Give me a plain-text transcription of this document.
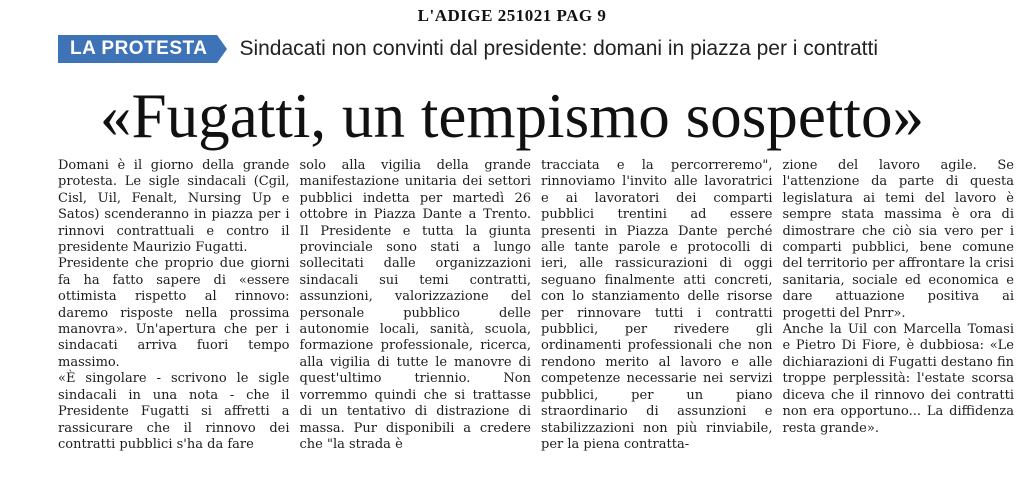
L'ADIGE 251021 PAG 9
LA PROTESTA	Sindacati non convinti dal presidente: domani in piazza per i contratti
«Fugatti, un tempismo sospetto»

Domani è il giorno della grande protesta. Le sigle sindacali (Cgil, Cisl, Uil, Fenalt, Nursing Up e Satos) scenderanno in piazza per i rinnovi contrattuali e contro il presidente Maurizio Fugatti.

Presidente che proprio due giorni fa ha fatto sapere di «essere ottimista rispetto al rinnovo: daremo risposte nella prossima manovra». Un'apertura che per i sindacati arriva fuori tempo massimo.

«È singolare - scrivono le sigle sindacali in una nota - che il Presidente Fugatti si affretti a rassicurare che il rinnovo dei contratti pubblici s'ha da fare

solo alla vigilia della grande manifestazione unitaria dei settori pubblici indetta per martedì 26 ottobre in Piazza Dante a Trento. Il Presidente e tutta la giunta provinciale sono stati a lungo sollecitati dalle organizzazioni sindacali sui temi contratti, assunzioni, valorizzazione del personale pubblico delle autonomie locali, sanità, scuola, formazione professionale, ricerca, alla vigilia di tutte le manovre di quest'ultimo triennio. Non vorremmo quindi che si trattasse di un tentativo di distrazione di massa. Pur disponibili a credere che "la strada è

tracciata e la percorreremo", rinnoviamo l'invito alle lavoratrici e ai lavoratori dei comparti pubblici trentini ad essere presenti in Piazza Dante perché alle tante parole e protocolli di ieri, alle rassicurazioni di oggi seguano finalmente atti concreti, con lo stanziamento delle risorse per rinnovare tutti i contratti pubblici, per rivedere gli ordinamenti professionali che non rendono merito al lavoro e alle competenze necessarie nei servizi pubblici, per un piano straordinario di assunzioni e stabilizzazioni non più rinviabile, per la piena contratta-

zione del lavoro agile. Se l'attenzione da parte di questa legislatura ai temi del lavoro è sempre stata massima è ora di dimostrare che ciò sia vero per i comparti pubblici, bene comune del territorio per affrontare la crisi sanitaria, sociale ed economica e dare attuazione positiva ai progetti del Pnrr».

Anche la Uil con Marcella Tomasi e Pietro Di Fiore, è dubbiosa: «Le dichiarazioni di Fugatti destano fin troppe perplessità: l'estate scorsa diceva che il rinnovo dei contratti non era opportuno... La diffidenza resta grande».
